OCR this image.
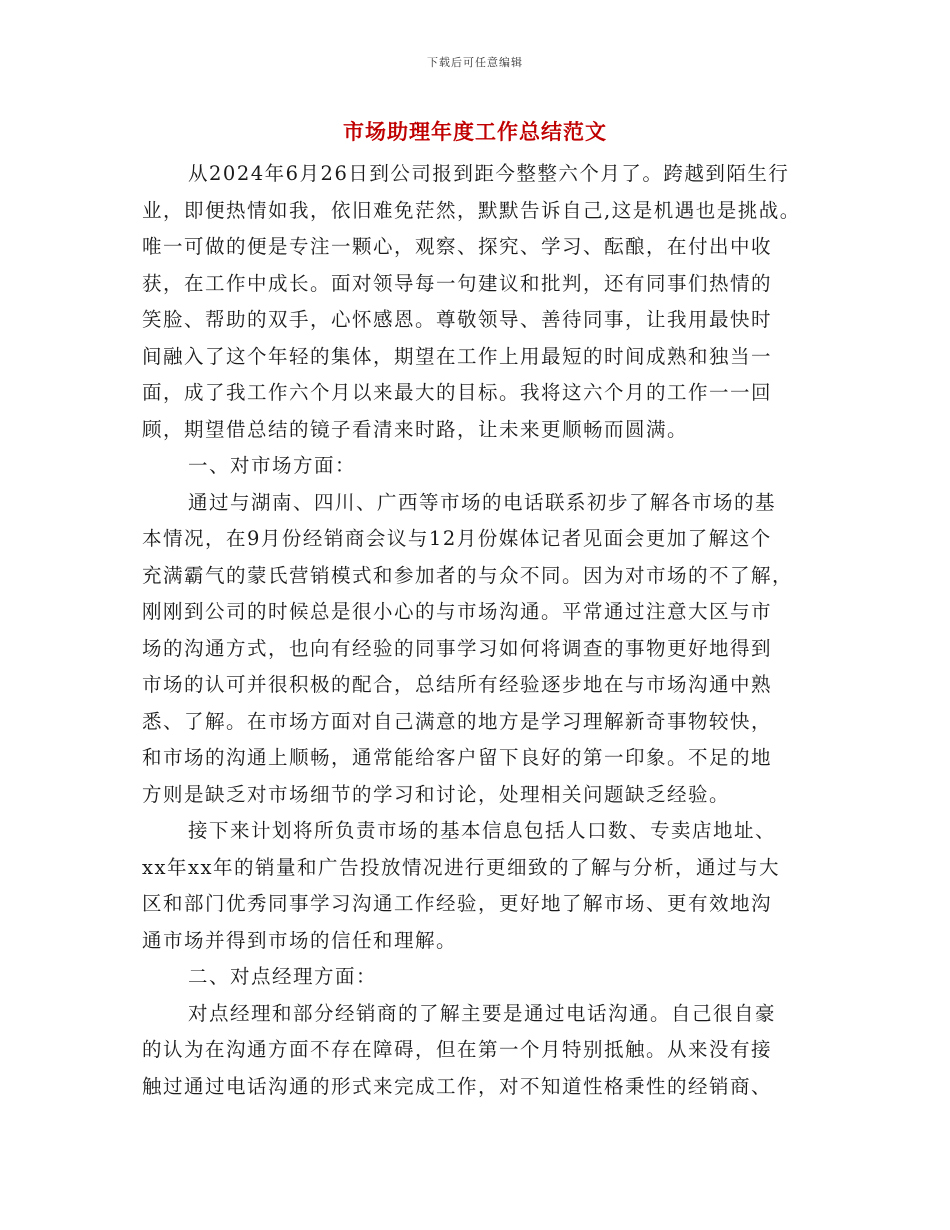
下载后可任意编辑
市场助理年度工作总结范文
从2024年6月26日到公司报到距今整整六个月了。跨越到陌生行
业，即便热情如我，依旧难免茫然，默默告诉自己,这是机遇也是挑战。
唯一可做的便是专注一颗心，观察、探究、学习、酝酿，在付出中收
获，在工作中成长。面对领导每一句建议和批判，还有同事们热情的
笑脸、帮助的双手，心怀感恩。尊敬领导、善待同事，让我用最快时
间融入了这个年轻的集体，期望在工作上用最短的时间成熟和独当一
面，成了我工作六个月以来最大的目标。我将这六个月的工作一一回
顾，期望借总结的镜子看清来时路，让未来更顺畅而圆满。
一、对市场方面：
通过与湖南、四川、广西等市场的电话联系初步了解各市场的基
本情况，在9月份经销商会议与12月份媒体记者见面会更加了解这个
充满霸气的蒙氏营销模式和参加者的与众不同。因为对市场的不了解，
刚刚到公司的时候总是很小心的与市场沟通。平常通过注意大区与市
场的沟通方式，也向有经验的同事学习如何将调查的事物更好地得到
市场的认可并很积极的配合，总结所有经验逐步地在与市场沟通中熟
悉、了解。在市场方面对自己满意的地方是学习理解新奇事物较快，
和市场的沟通上顺畅，通常能给客户留下良好的第一印象。不足的地
方则是缺乏对市场细节的学习和讨论，处理相关问题缺乏经验。
接下来计划将所负责市场的基本信息包括人口数、专卖店地址、
xx年xx年的销量和广告投放情况进行更细致的了解与分析，通过与大
区和部门优秀同事学习沟通工作经验，更好地了解市场、更有效地沟
通市场并得到市场的信任和理解。
二、对点经理方面：
对点经理和部分经销商的了解主要是通过电话沟通。自己很自豪
的认为在沟通方面不存在障碍，但在第一个月特别抵触。从来没有接
触过通过电话沟通的形式来完成工作，对不知道性格秉性的经销商、
